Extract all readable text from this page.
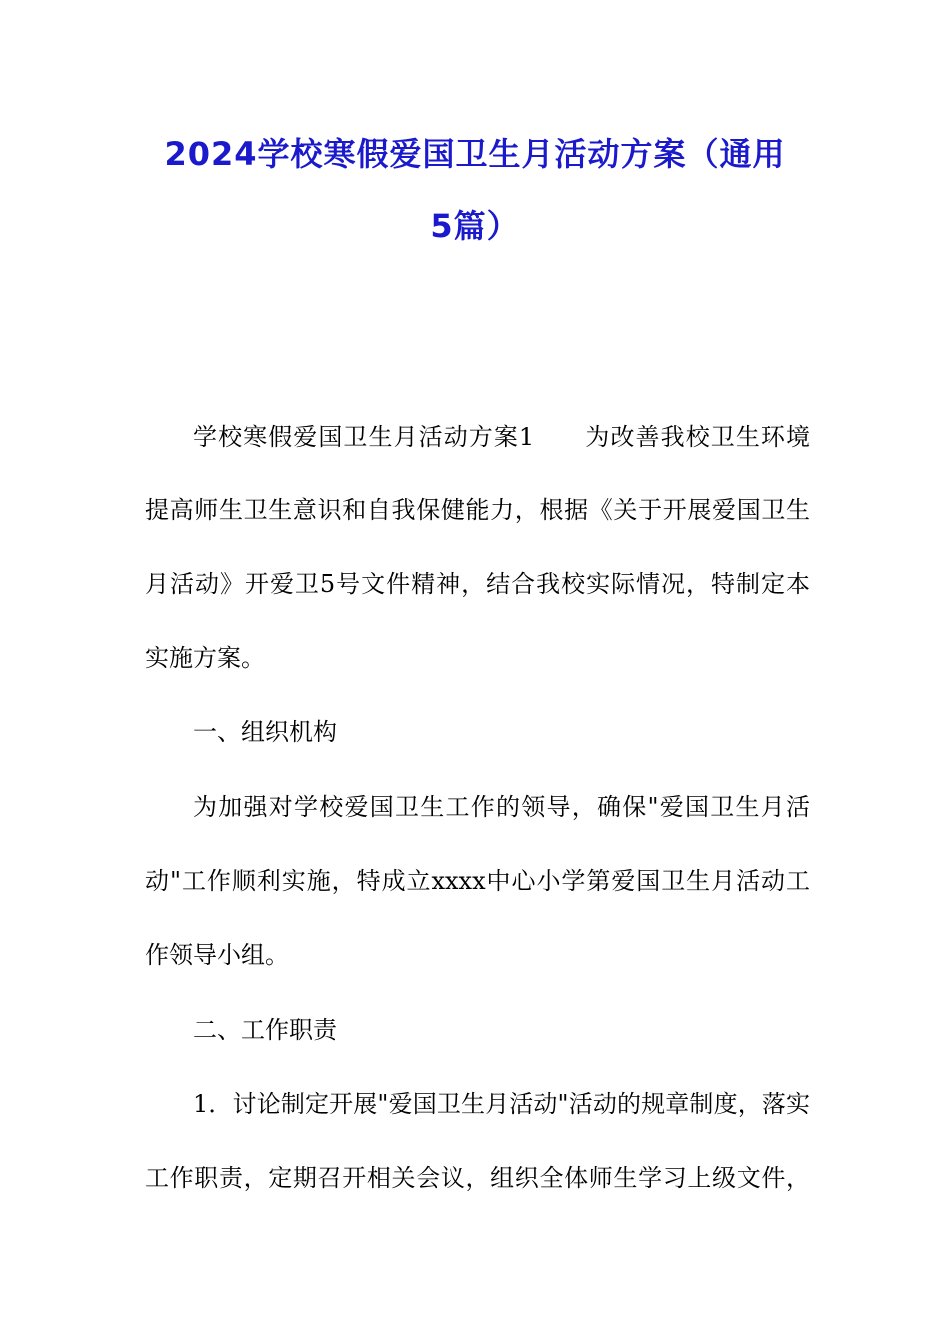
2024学校寒假爱国卫生月活动方案（通用
5篇）

学校寒假爱国卫生月活动方案1　　为改善我校卫生环境

提高师生卫生意识和自我保健能力，根据《关于开展爱国卫生

月活动》开爱卫5号文件精神，结合我校实际情况，特制定本

实施方案。

一、组织机构

为加强对学校爱国卫生工作的领导，确保"爱国卫生月活

动"工作顺利实施，特成立xxxx中心小学第爱国卫生月活动工

作领导小组。

二、工作职责

1．讨论制定开展"爱国卫生月活动"活动的规章制度，落实

工作职责，定期召开相关会议，组织全体师生学习上级文件，
